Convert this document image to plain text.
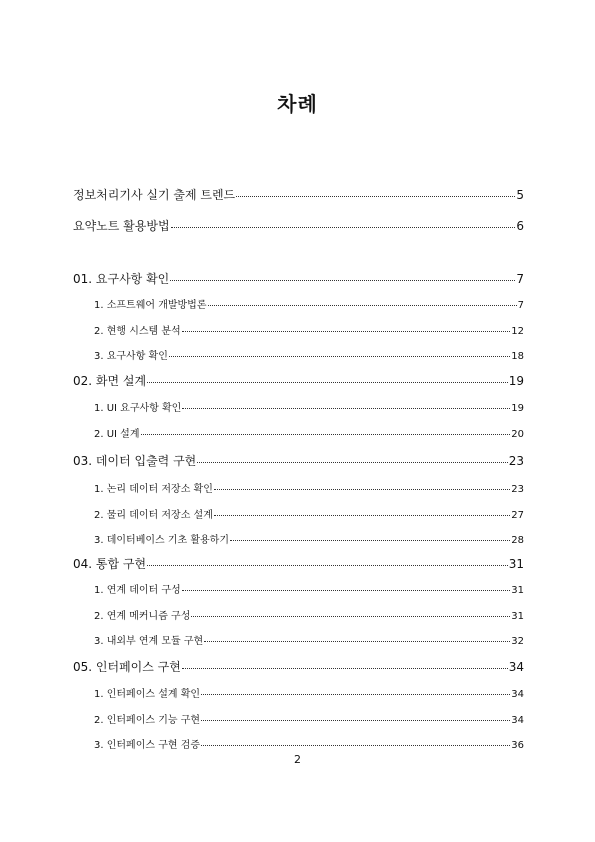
차례
정보처리기사 실기 출제 트렌드	5
요약노트 활용방법	6
01. 요구사항 확인	7
1. 소프트웨어 개발방법론	7
2. 현행 시스템 분석	12
3. 요구사항 확인	18
02. 화면 설계	19
1. UI 요구사항 확인	19
2. UI 설계	20
03. 데이터 입출력 구현	23
1. 논리 데이터 저장소 확인	23
2. 물리 데이터 저장소 설계	27
3. 데이터베이스 기초 활용하기	28
04. 통합 구현	31
1. 연계 데이터 구성	31
2. 연계 메커니즘 구성	31
3. 내외부 연계 모듈 구현	32
05. 인터페이스 구현	34
1. 인터페이스 설계 확인	34
2. 인터페이스 기능 구현	34
3. 인터페이스 구현 검증	36
2
